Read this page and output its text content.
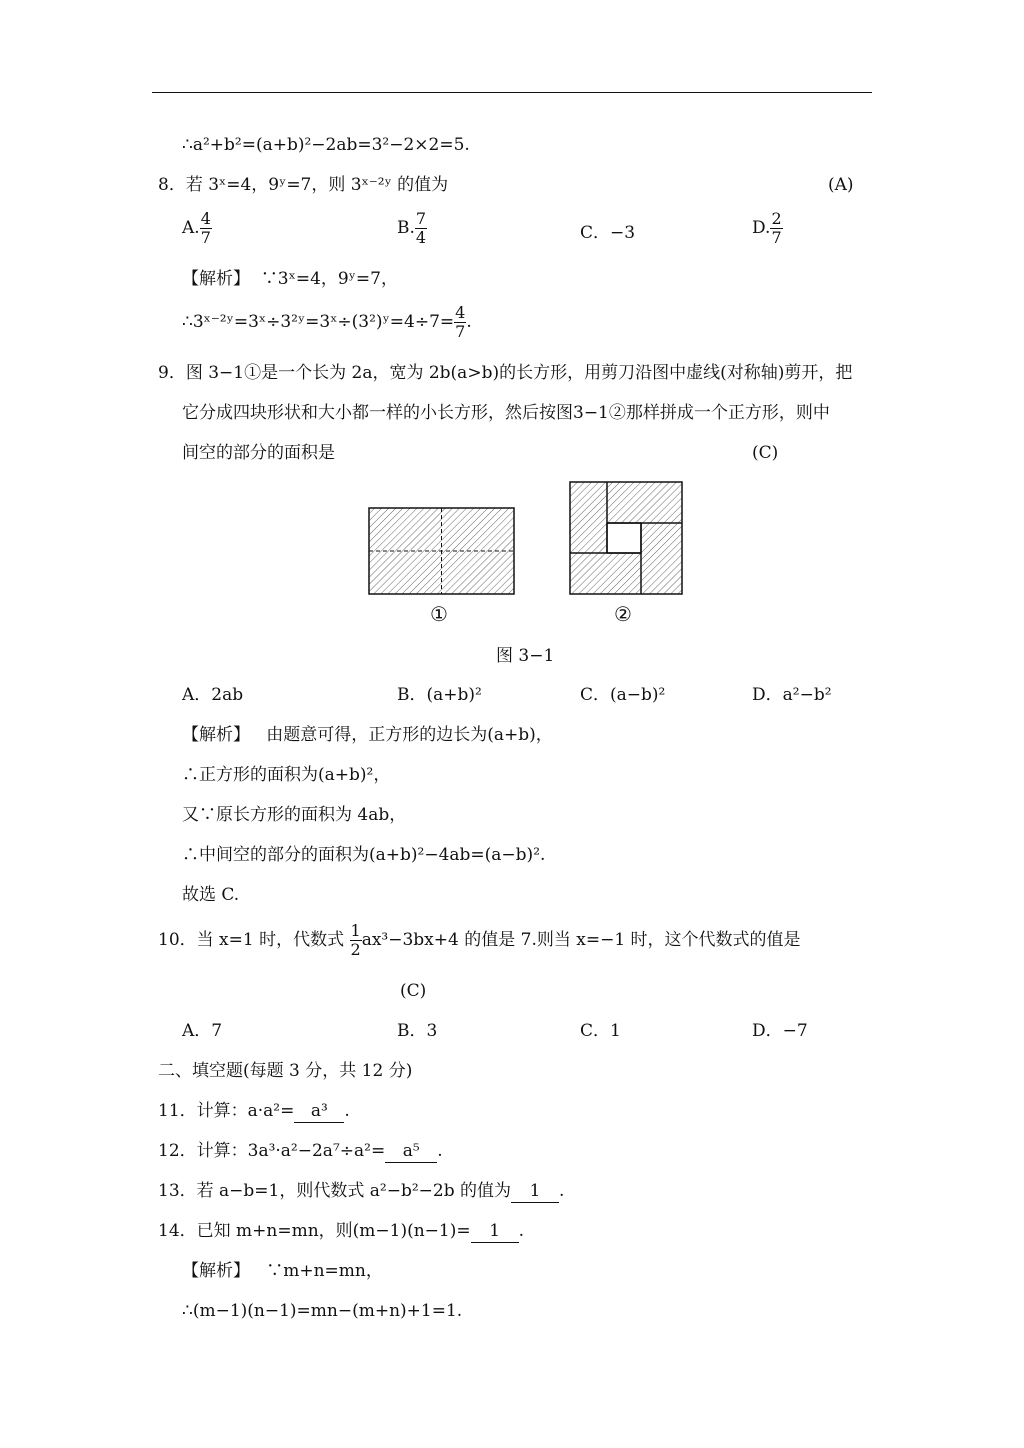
∴a²+b²=(a+b)²−2ab=3²−2×2=5.
8．若 3ˣ=4，9ʸ=7，则 3ˣ⁻²ʸ 的值为	(A)
A. $\frac{4}{7}$	B. $\frac{7}{4}$	C．−3	D. $\frac{2}{7}$
【解析】 ∵3ˣ=4，9ʸ=7，
∴3ˣ⁻²ʸ=3ˣ÷3²ʸ=3ˣ÷(3²)ʸ=4÷7= $\frac{4}{7}$ .
9．图 3−1①是一个长为 2a，宽为 2b(a>b)的长方形，用剪刀沿图中虚线(对称轴)剪开，把
它分成四块形状和大小都一样的小长方形，然后按图3−1②那样拼成一个正方形，则中
间空的部分的面积是	(C)
①	②
图 3−1
A．2ab	B．(a+b)²	C．(a−b)²	D．a²−b²
【解析】 由题意可得，正方形的边长为(a+b)，
∴正方形的面积为(a+b)²，
又∵原长方形的面积为 4ab，
∴中间空的部分的面积为(a+b)²−4ab=(a−b)².
故选 C.
10．当 x=1 时，代数式 $\frac{1}{2} ax^3-3bx+4$ 的值是 7.则当 x=−1 时，这个代数式的值是
(C)
A．7	B．3	C．1	D．−7
二、填空题(每题 3 分，共 12 分)
11．计算：a·a²= a³ .
12．计算：3a³·a²−2a⁷÷a²= a⁵ .
13．若 a−b=1，则代数式 a²−b²−2b 的值为 1 .
14．已知 m+n=mn，则(m−1)(n−1)= 1 .
【解析】 ∵m+n=mn，
∴(m−1)(n−1)=mn−(m+n)+1=1.
